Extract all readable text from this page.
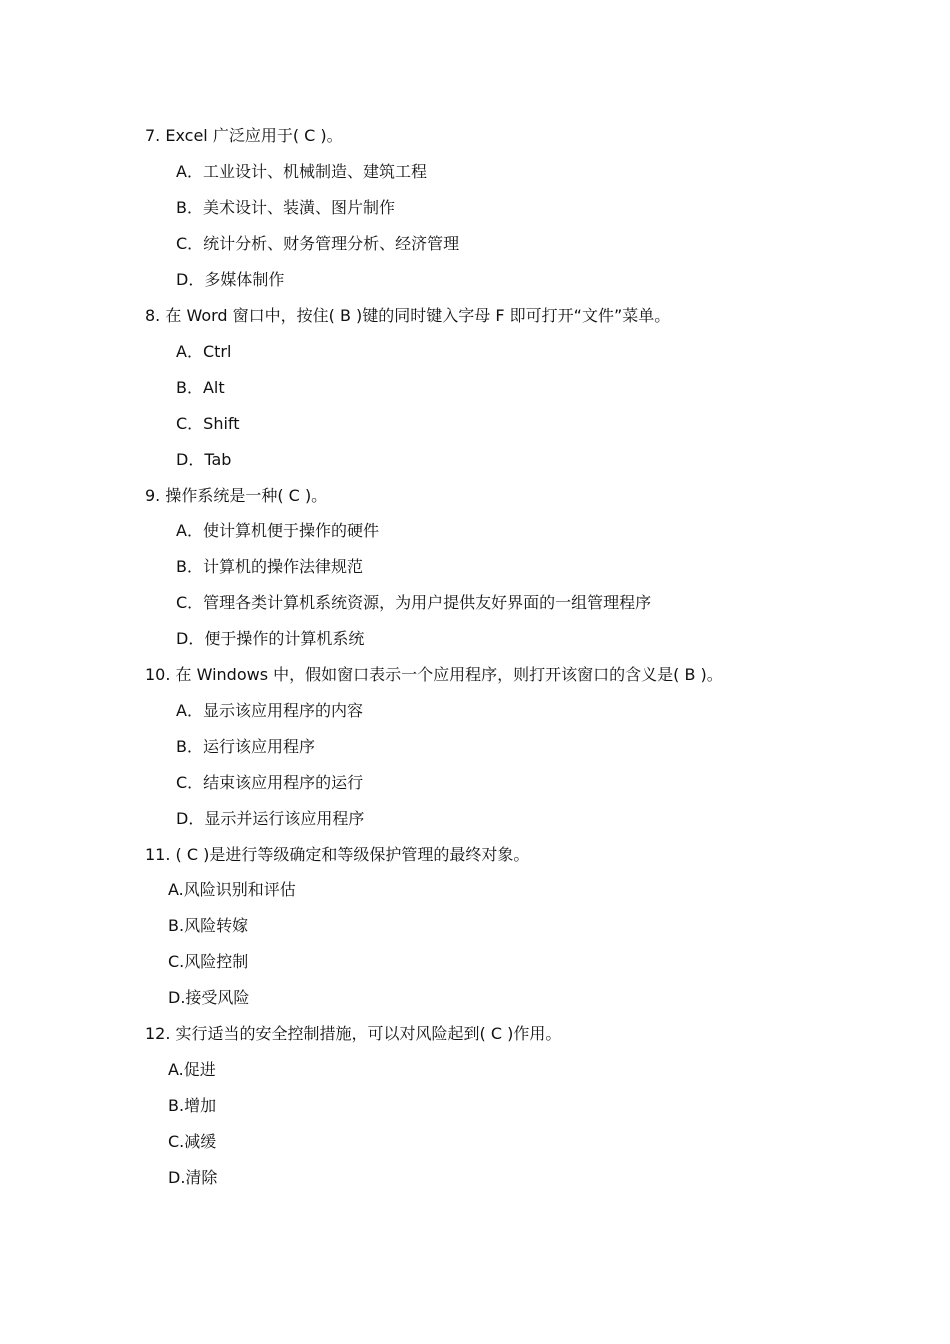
7. Excel 广泛应用于( C )。
A．工业设计、机械制造、建筑工程
B．美术设计、装潢、图片制作
C．统计分析、财务管理分析、经济管理
D．多媒体制作
8. 在 Word 窗口中，按住( B )键的同时键入字母 F 即可打开“文件”菜单。
A．Ctrl
B．Alt
C．Shift
D．Tab
9. 操作系统是一种( C )。
A．使计算机便于操作的硬件
B．计算机的操作法律规范
C．管理各类计算机系统资源，为用户提供友好界面的一组管理程序
D．便于操作的计算机系统
10. 在 Windows 中，假如窗口表示一个应用程序，则打开该窗口的含义是( B )。
A．显示该应用程序的内容
B．运行该应用程序
C．结束该应用程序的运行
D．显示并运行该应用程序
11. ( C )是进行等级确定和等级保护管理的最终对象。
A.风险识别和评估
B.风险转嫁
C.风险控制
D.接受风险
12. 实行适当的安全控制措施，可以对风险起到( C )作用。
A.促进
B.增加
C.减缓
D.清除
